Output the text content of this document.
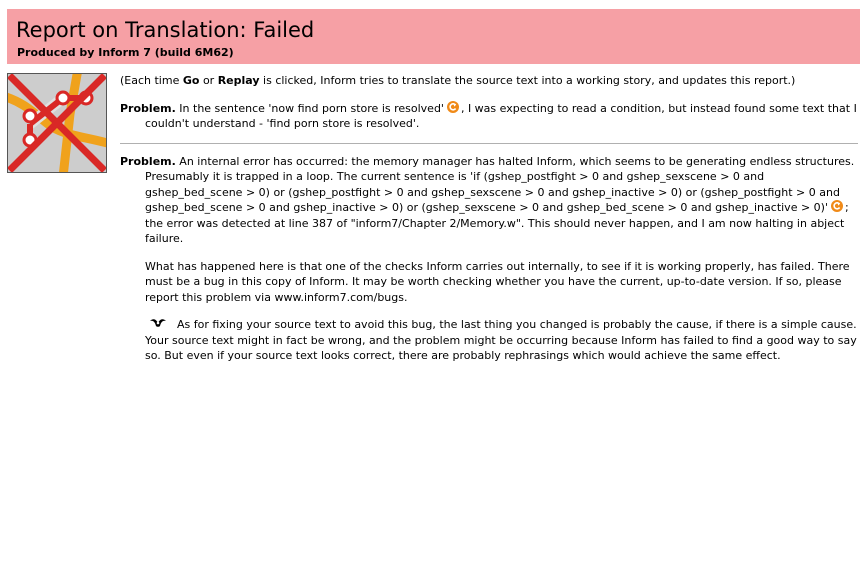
Report on Translation: Failed
Produced by Inform 7 (build 6M62)

(Each time Go or Replay is clicked, Inform tries to translate the source text into a working story, and updates this report.)

Problem. In the sentence 'now find porn store is resolved' , I was expecting to read a condition, but instead found some text that I couldn't understand - 'find porn store is resolved'.

Problem. An internal error has occurred: the memory manager has halted Inform, which seems to be generating endless structures. Presumably it is trapped in a loop. The current sentence is 'if (gshep_postfight > 0 and gshep_sexscene > 0 and gshep_bed_scene > 0) or (gshep_postfight > 0 and gshep_sexscene > 0 and gshep_inactive > 0) or (gshep_postfight > 0 and gshep_bed_scene > 0 and gshep_inactive > 0) or (gshep_sexscene > 0 and gshep_bed_scene > 0 and gshep_inactive > 0)' ; the error was detected at line 387 of "inform7/Chapter 2/Memory.w". This should never happen, and I am now halting in abject failure.

What has happened here is that one of the checks Inform carries out internally, to see if it is working properly, has failed. There must be a bug in this copy of Inform. It may be worth checking whether you have the current, up-to-date version. If so, please report this problem via www.inform7.com/bugs.

As for fixing your source text to avoid this bug, the last thing you changed is probably the cause, if there is a simple cause. Your source text might in fact be wrong, and the problem might be occurring because Inform has failed to find a good way to say so. But even if your source text looks correct, there are probably rephrasings which would achieve the same effect.
